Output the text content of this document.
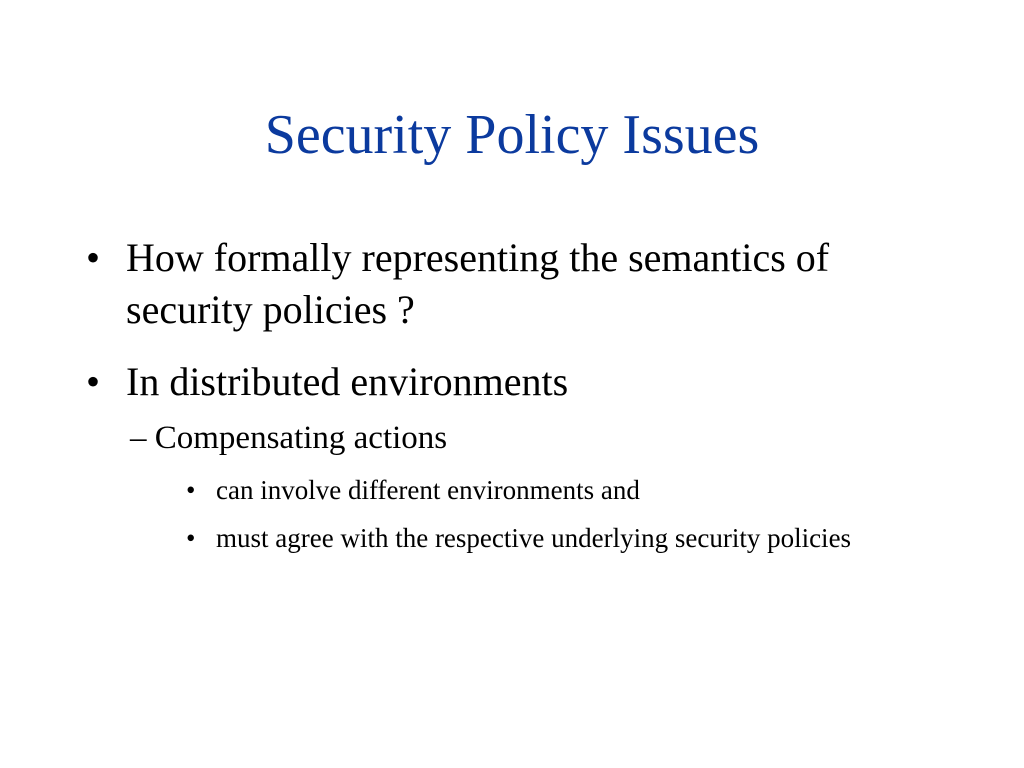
Security Policy Issues
• How formally representing the semantics of security policies ?
• In distributed environments
– Compensating actions
• can involve different environments and
• must agree with the respective underlying security policies
